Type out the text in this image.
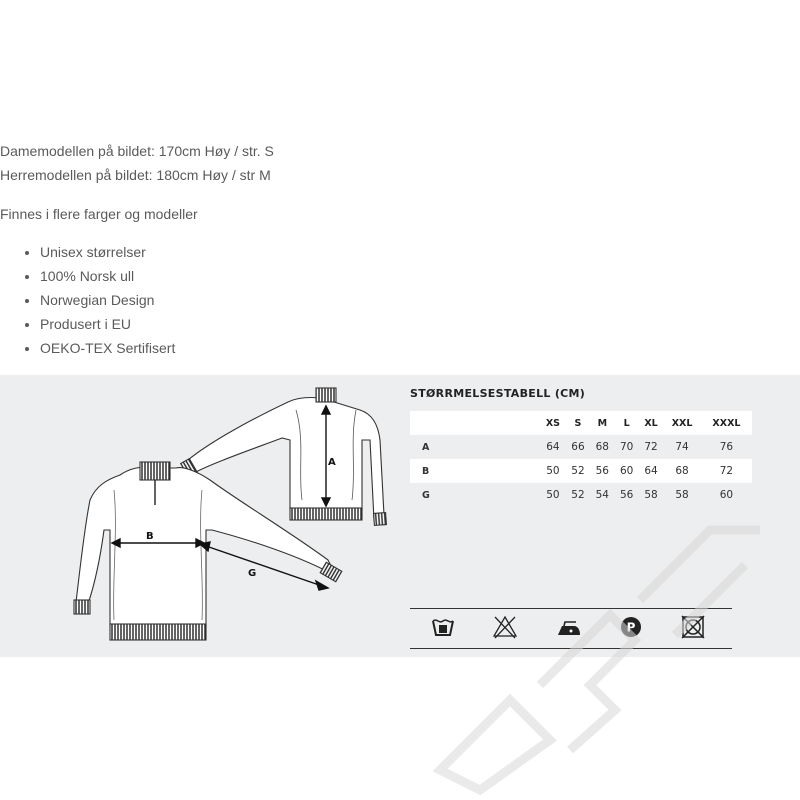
Damemodellen på bildet: 170cm Høy / str. S
Herremodellen på bildet: 180cm Høy / str M
Finnes i flere farger og modeller
• Unisex størrelser
• 100% Norsk ull
• Norwegian Design
• Produsert i EU
• OEKO-TEX Sertifisert
A
B
G
STØRRMELSESTABELL (CM)
	XS	S	M	L	XL	XXL	XXXL
A	64	66	68	70	72	74	76
B	50	52	56	60	64	68	72
G	50	52	54	56	58	58	60
P
